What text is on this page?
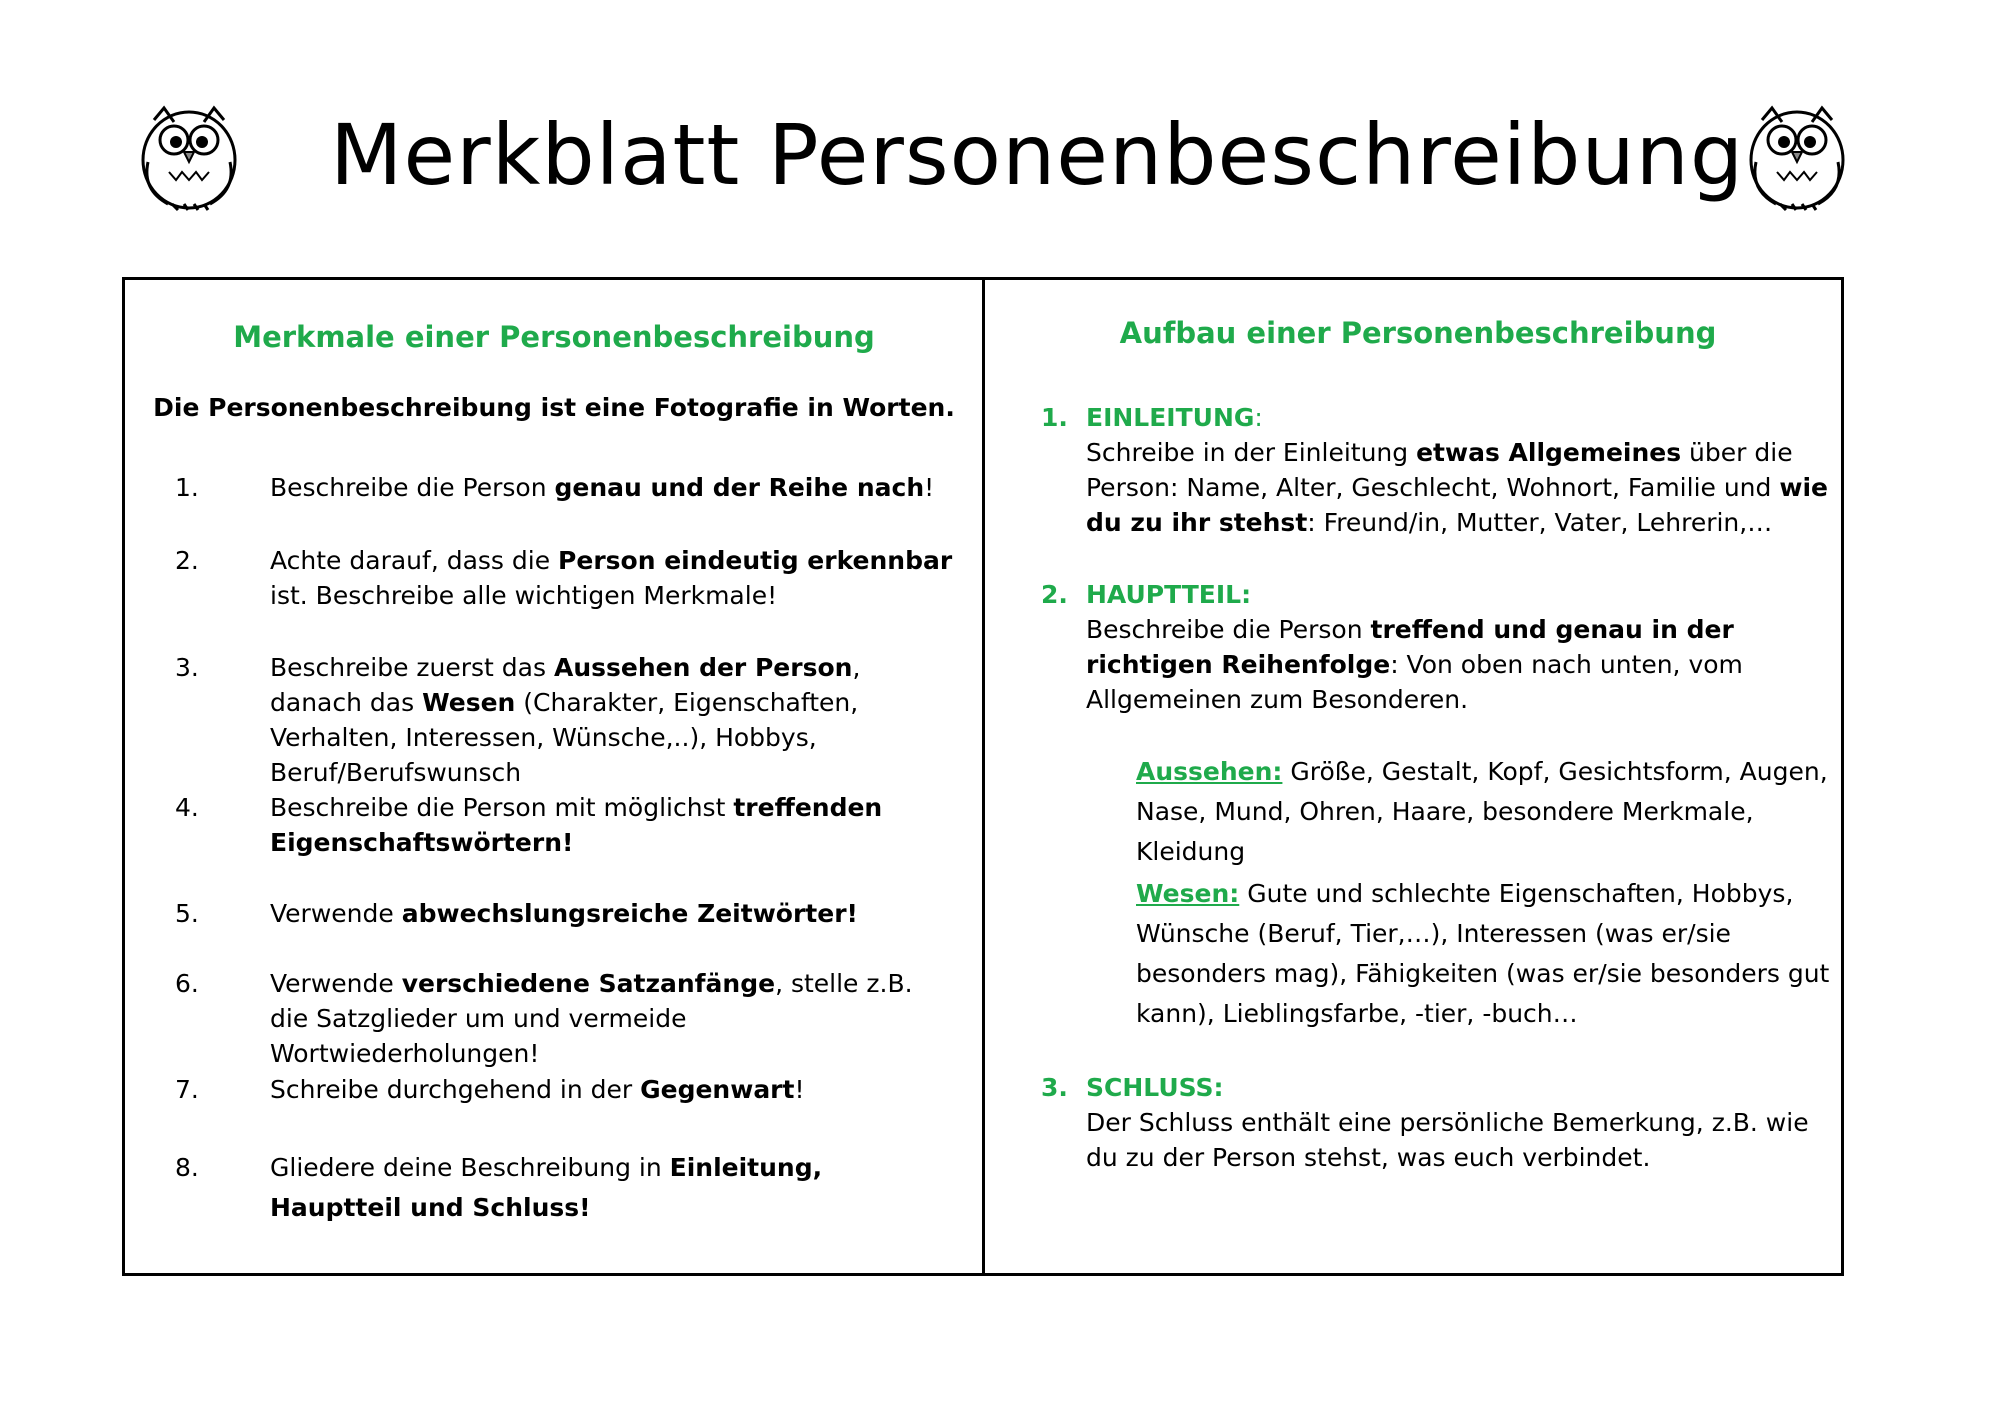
Merkblatt Personenbeschreibung
Merkmale einer Personenbeschreibung
Die Personenbeschreibung ist eine Fotografie in Worten.
1.	Beschreibe die Person genau und der Reihe nach!
2.	Achte darauf, dass die Person eindeutig erkennbar ist. Beschreibe alle wichtigen Merkmale!
3.	Beschreibe zuerst das Aussehen der Person, danach das Wesen (Charakter, Eigenschaften, Verhalten, Interessen, Wünsche,..), Hobbys, Beruf/Berufswunsch
4.	Beschreibe die Person mit möglichst treffenden Eigenschaftswörtern!
5.	Verwende abwechslungsreiche Zeitwörter!
6.	Verwende verschiedene Satzanfänge, stelle z.B. die Satzglieder um und vermeide Wortwiederholungen!
7.	Schreibe durchgehend in der Gegenwart!
8.	Gliedere deine Beschreibung in Einleitung, Hauptteil und Schluss!
Aufbau einer Personenbeschreibung
1. EINLEITUNG:
Schreibe in der Einleitung etwas Allgemeines über die Person: Name, Alter, Geschlecht, Wohnort, Familie und wie du zu ihr stehst: Freund/in, Mutter, Vater, Lehrerin,…
2. HAUPTTEIL:
Beschreibe die Person treffend und genau in der richtigen Reihenfolge: Von oben nach unten, vom Allgemeinen zum Besonderen.
Aussehen: Größe, Gestalt, Kopf, Gesichtsform, Augen, Nase, Mund, Ohren, Haare, besondere Merkmale, Kleidung
Wesen: Gute und schlechte Eigenschaften, Hobbys, Wünsche (Beruf, Tier,…), Interessen (was er/sie besonders mag), Fähigkeiten (was er/sie besonders gut kann), Lieblingsfarbe, -tier, -buch…
3. SCHLUSS:
Der Schluss enthält eine persönliche Bemerkung, z.B. wie du zu der Person stehst, was euch verbindet.
